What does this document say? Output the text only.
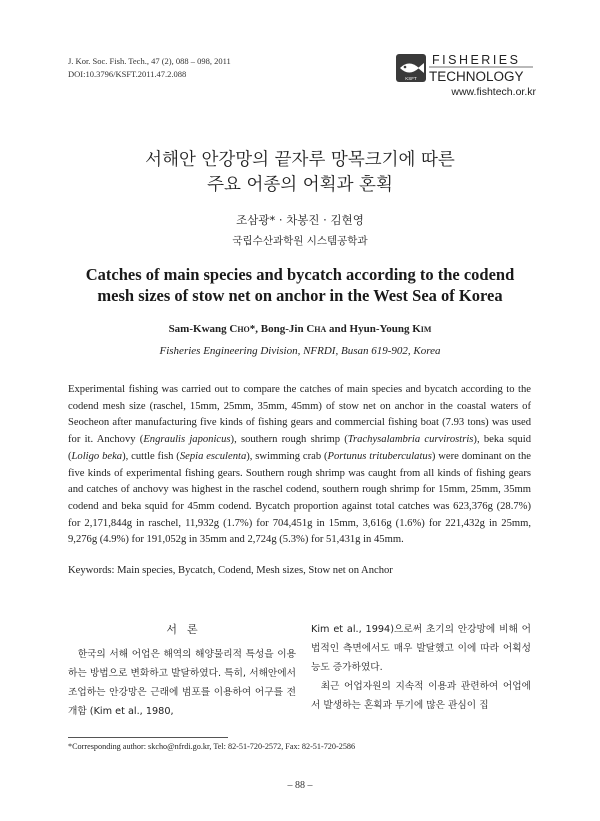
J. Kor. Soc. Fish. Tech., 47 (2), 088 – 098, 2011
DOI:10.3796/KSFT.2011.47.2.088	KSFT
FISHERIES
TECHNOLOGY
www.fishtech.or.kr
서해안 안강망의 끝자루 망목크기에 따른
주요 어종의 어획과 혼획
조삼광* · 차봉진 · 김현영
국립수산과학원 시스템공학과
Catches of main species and bycatch according to the codend
mesh sizes of stow net on anchor in the West Sea of Korea
Sam-Kwang Cho*, Bong-Jin Cha and Hyun-Young Kim
Fisheries Engineering Division, NFRDI, Busan 619-902, Korea

Experimental fishing was carried out to compare the catches of main species and bycatch according to the codend mesh size (raschel, 15mm, 25mm, 35mm, 45mm) of stow net on anchor in the coastal waters of Seocheon after manufacturing five kinds of fishing gears and commercial fishing boat (7.93 tons) was used for it. Anchovy (Engraulis japonicus), southern rough shrimp (Trachysalambria curvirostris), beka squid (Loligo beka), cuttle fish (Sepia esculenta), swimming crab (Portunus trituberculatus) were dominant on the five kinds of experimental fishing gears. Southern rough shrimp was caught from all kinds of fishing gears and catches of anchovy was highest in the raschel codend, southern rough shrimp for 15mm, 25mm, 35mm codend and beka squid for 45mm codend. Bycatch proportion against total catches was 623,376g (28.7%) for 2,171,844g in raschel, 11,932g (1.7%) for 704,451g in 15mm, 3,616g (1.6%) for 221,432g in 25mm, 9,276g (4.9%) for 191,052g in 35mm and 2,724g (5.3%) for 51,431g in 45mm.

Keywords: Main species, Bycatch, Codend, Mesh sizes, Stow net on Anchor
서론

한국의 서해 어업은 해역의 해양물리적 특성을 이용하는 방법으로 변화하고 발달하였다. 특히, 서해안에서 조업하는 안강망은 근래에 범포를 이용하여 어구를 전개함 (Kim et al., 1980,

Kim et al., 1994)으로써 초기의 안강망에 비해 어법적인 측면에서도 매우 발달했고 이에 따라 어획성능도 증가하였다.

최근 어업자원의 지속적 이용과 관련하여 어업에서 발생하는 혼획과 투기에 많은 관심이 집

*Corresponding author: skcho@nfrdi.go.kr, Tel: 82-51-720-2572, Fax: 82-51-720-2586
– 88 –
